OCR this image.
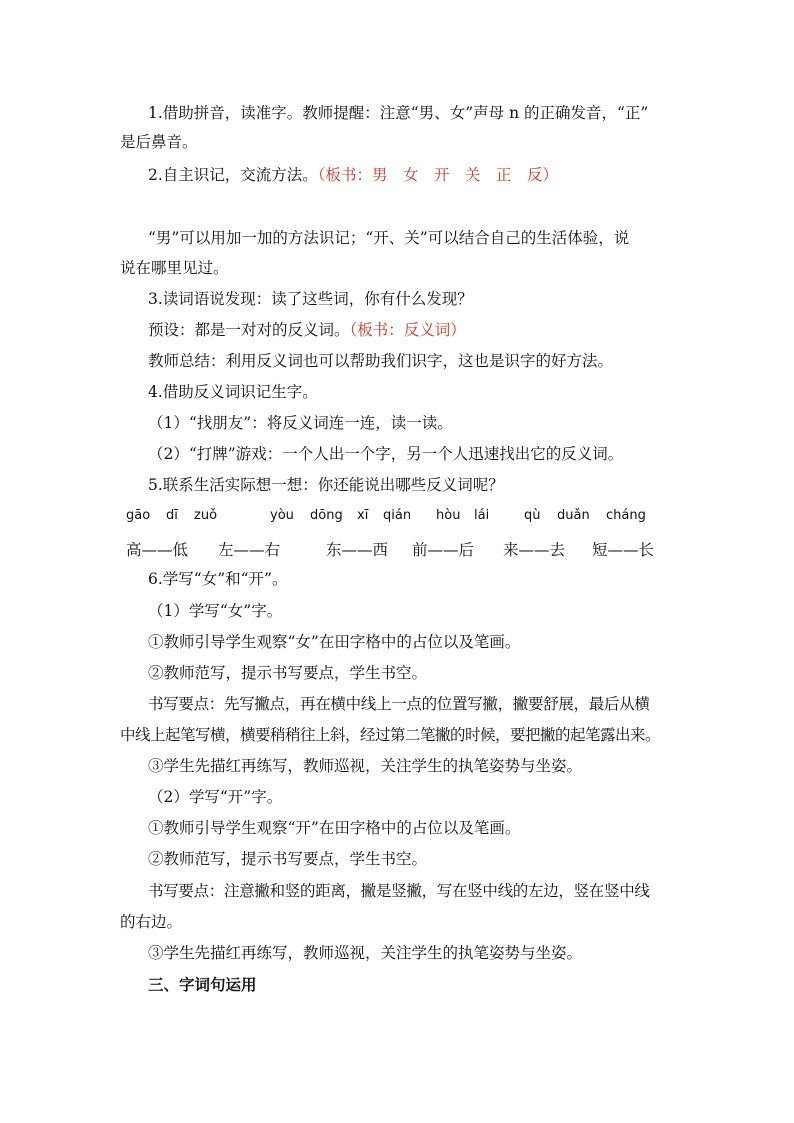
1.借助拼音，读准字。教师提醒：注意“男、女”声母 n 的正确发音，“正”
是后鼻音。
2.自主识记，交流方法。（板书：男　女　开　关　正　反）
“男”可以用加一加的方法识记；“开、关”可以结合自己的生活体验，说
说在哪里见过。
3.读词语说发现：读了这些词，你有什么发现？
预设：都是一对对的反义词。（板书：反义词）
教师总结：利用反义词也可以帮助我们识字，这也是识字的好方法。
4.借助反义词识记生字。
（1）“找朋友”：将反义词连一连，读一读。
（2）“打牌”游戏：一个人出一个字，另一个人迅速找出它的反义词。
5.联系生活实际想一想：你还能说出哪些反义词呢？
gāo dī zuǒ	yòu dōng xī qián hòu lái	qù duǎn cháng
高——低 左——右	东——西 前——后 来——去 短——长
6.学写“女”和“开”。
（1）学写“女”字。
①教师引导学生观察“女”在田字格中的占位以及笔画。
②教师范写，提示书写要点，学生书空。
书写要点：先写撇点，再在横中线上一点的位置写撇，撇要舒展，最后从横
中线上起笔写横，横要稍稍往上斜，经过第二笔撇的时候，要把撇的起笔露出来。
③学生先描红再练写，教师巡视，关注学生的执笔姿势与坐姿。
（2）学写“开”字。
①教师引导学生观察“开”在田字格中的占位以及笔画。
②教师范写，提示书写要点，学生书空。
书写要点：注意撇和竖的距离，撇是竖撇，写在竖中线的左边，竖在竖中线
的右边。
③学生先描红再练写，教师巡视，关注学生的执笔姿势与坐姿。
三、字词句运用
